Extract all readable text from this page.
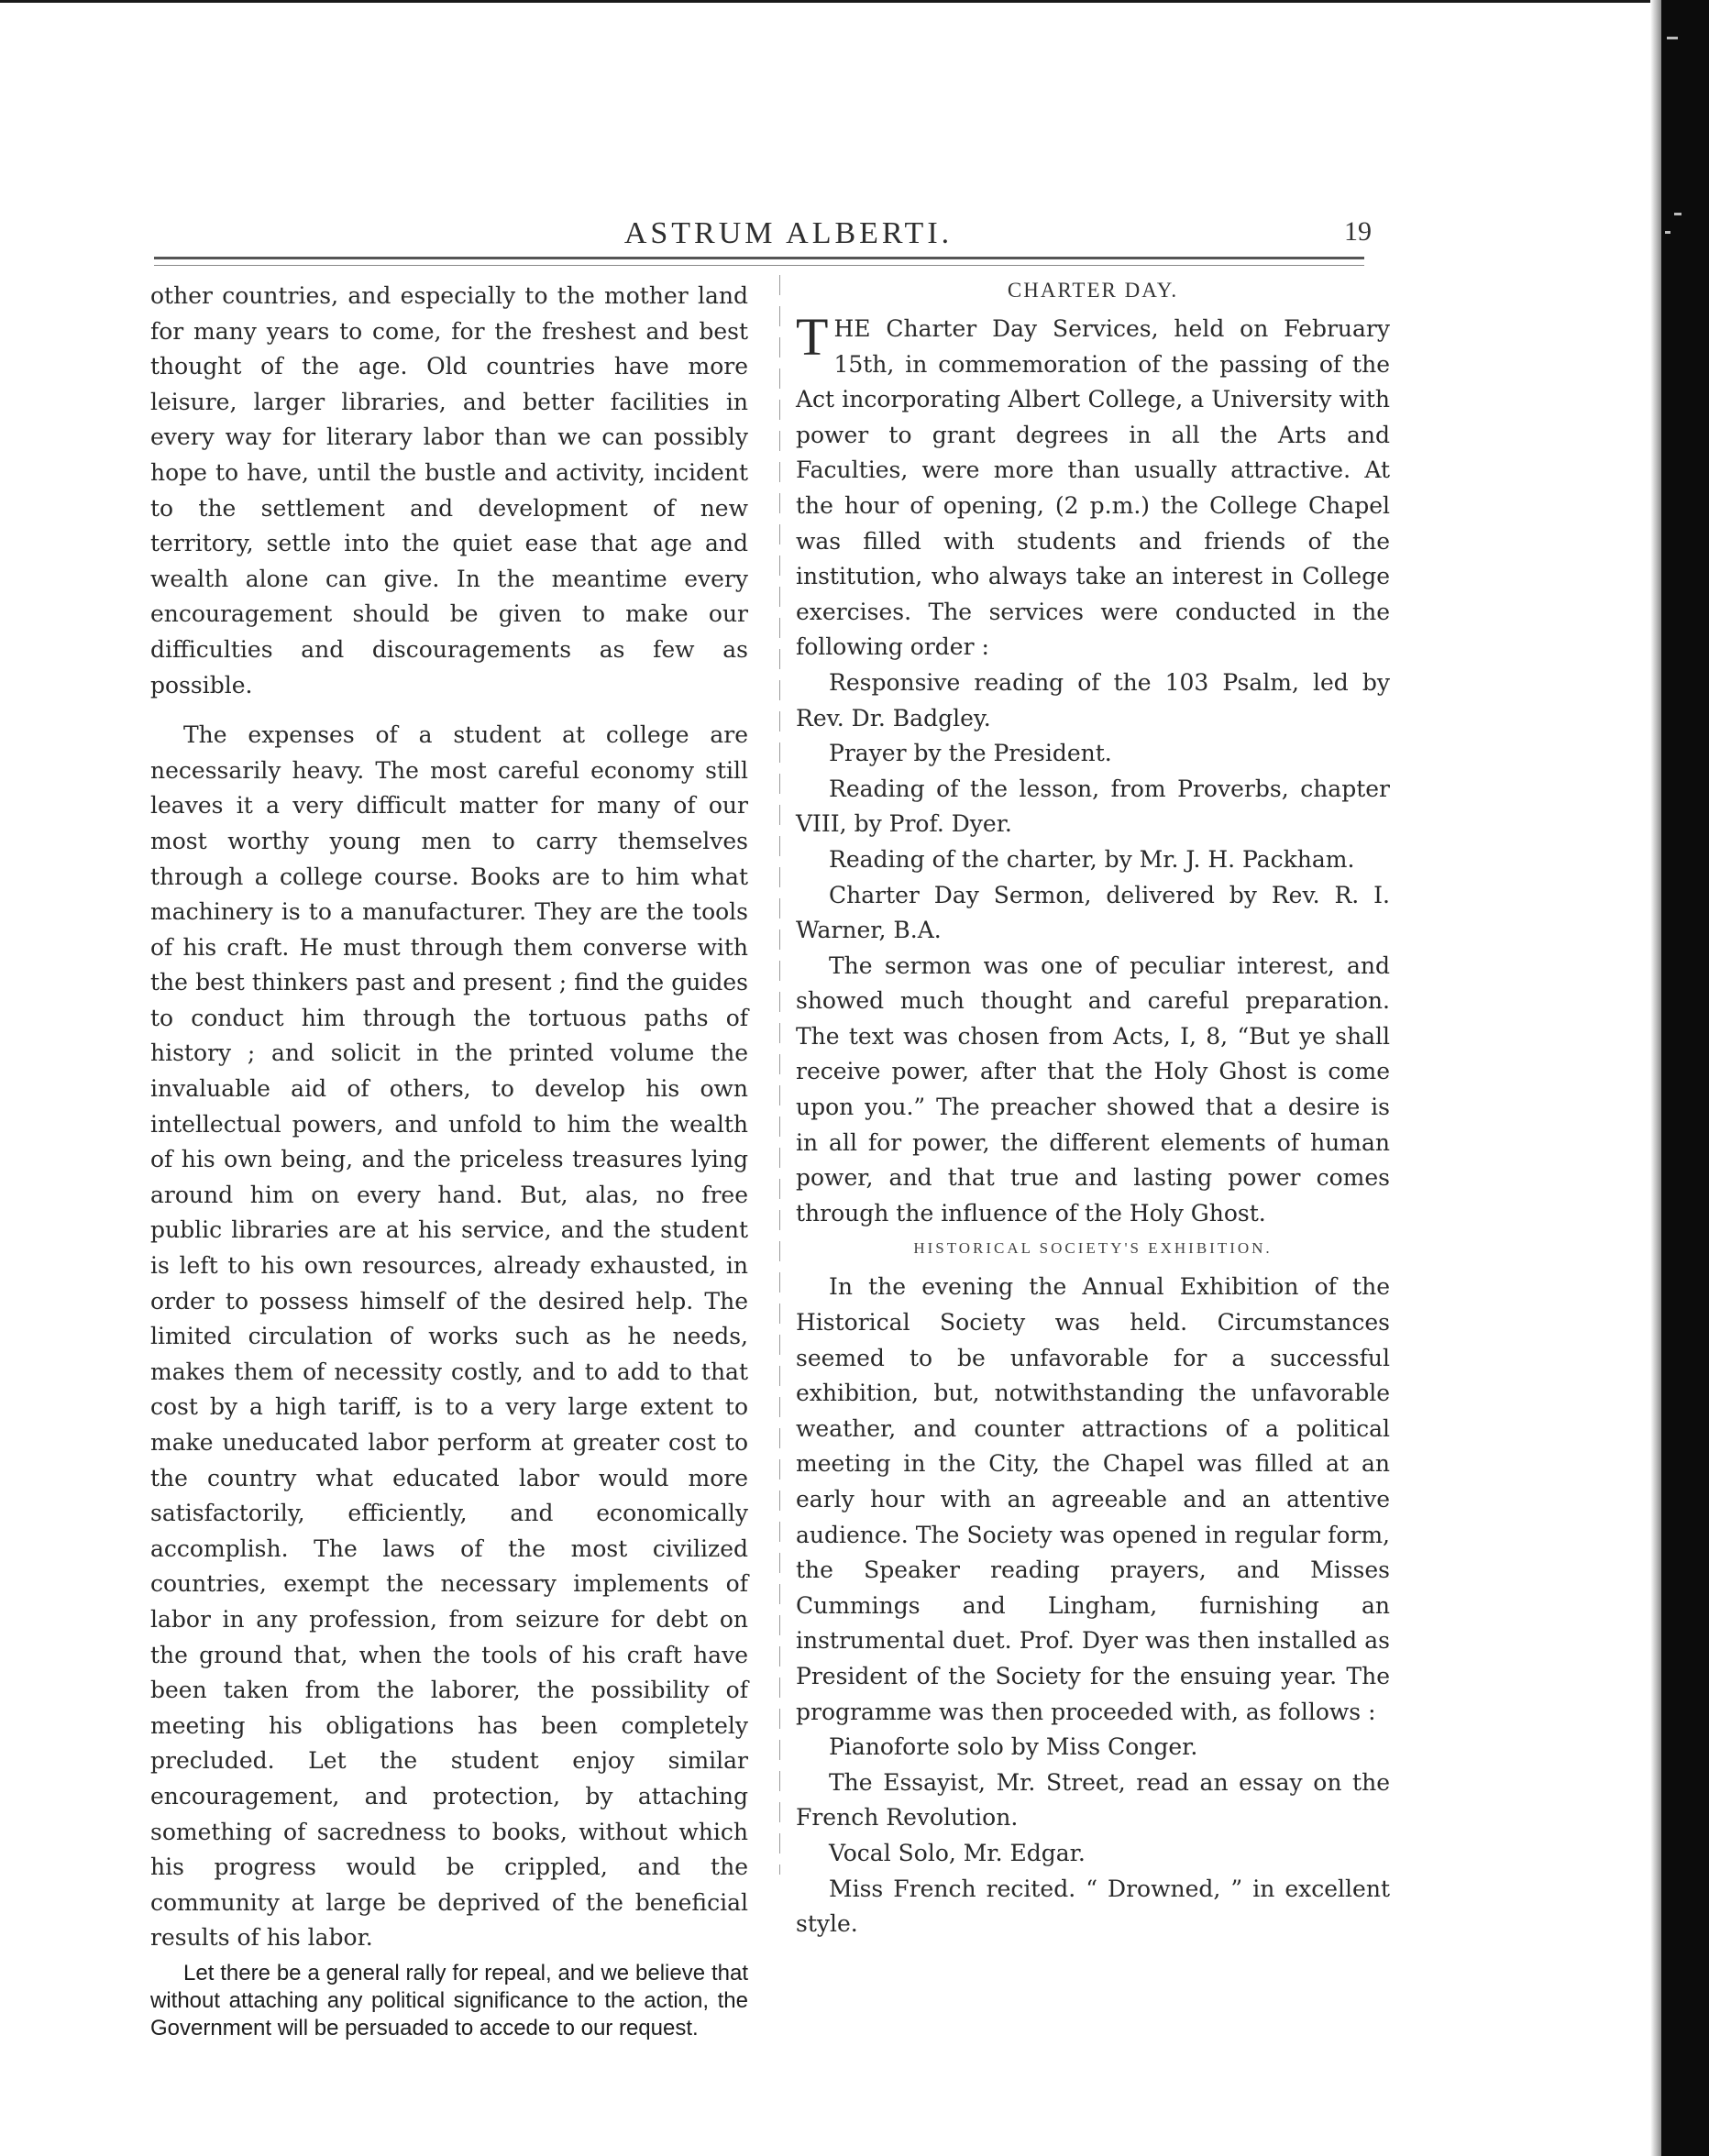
ASTRUM ALBERTI.	19

other countries, and especially to the mother land for many years to come, for the freshest and best thought of the age. Old countries have more leisure, larger libraries, and better facilities in every way for literary labor than we can possibly hope to have, until the bustle and activity, incident to the settlement and development of new territory, settle into the quiet ease that age and wealth alone can give. In the meantime every encouragement should be given to make our difficulties and discouragements as few as possible.

The expenses of a student at college are necessarily heavy. The most careful economy still leaves it a very difficult matter for many of our most worthy young men to carry themselves through a college course. Books are to him what machinery is to a manufacturer. They are the tools of his craft. He must through them converse with the best thinkers past and present ; find the guides to conduct him through the tortuous paths of history ; and solicit in the printed volume the invaluable aid of others, to develop his own intellectual powers, and unfold to him the wealth of his own being, and the priceless treasures lying around him on every hand. But, alas, no free public libraries are at his service, and the student is left to his own resources, already exhausted, in order to possess himself of the desired help. The limited circulation of works such as he needs, makes them of necessity costly, and to add to that cost by a high tariff, is to a very large extent to make uneducated labor perform at greater cost to the country what educated labor would more satisfactorily, efficiently, and economically accomplish. The laws of the most civilized countries, exempt the necessary implements of labor in any profession, from seizure for debt on the ground that, when the tools of his craft have been taken from the laborer, the possibility of meeting his obligations has been completely precluded. Let the student enjoy similar encouragement, and protection, by attaching something of sacredness to books, without which his progress would be crippled, and the community at large be deprived of the beneficial results of his labor.

Let there be a general rally for repeal, and we believe that without attaching any political significance to the action, the Government will be persuaded to accede to our request.

CHARTER DAY.

THE Charter Day Services, held on February 15th, in commemoration of the passing of the Act incorporating Albert College, a University with power to grant degrees in all the Arts and Faculties, were more than usually attractive. At the hour of opening, (2 p.m.) the College Chapel was filled with students and friends of the institution, who always take an interest in College exercises. The services were conducted in the following order :

Responsive reading of the 103 Psalm, led by Rev. Dr. Badgley.

Prayer by the President.

Reading of the lesson, from Proverbs, chapter VIII, by Prof. Dyer.

Reading of the charter, by Mr. J. H. Packham.

Charter Day Sermon, delivered by Rev. R. I. Warner, B.A.

The sermon was one of peculiar interest, and showed much thought and careful preparation. The text was chosen from Acts, I, 8, “But ye shall receive power, after that the Holy Ghost is come upon you.” The preacher showed that a desire is in all for power, the different elements of human power, and that true and lasting power comes through the influence of the Holy Ghost.

HISTORICAL SOCIETY'S EXHIBITION.

In the evening the Annual Exhibition of the Historical Society was held. Circumstances seemed to be unfavorable for a successful exhibition, but, notwithstanding the unfavorable weather, and counter attractions of a political meeting in the City, the Chapel was filled at an early hour with an agreeable and an attentive audience. The Society was opened in regular form, the Speaker reading prayers, and Misses Cummings and Lingham, furnishing an instrumental duet. Prof. Dyer was then installed as President of the Society for the ensuing year. The programme was then proceeded with, as follows :

Pianoforte solo by Miss Conger.

The Essayist, Mr. Street, read an essay on the French Revolution.

Vocal Solo, Mr. Edgar.

Miss French recited. “ Drowned, ” in excellent style.
